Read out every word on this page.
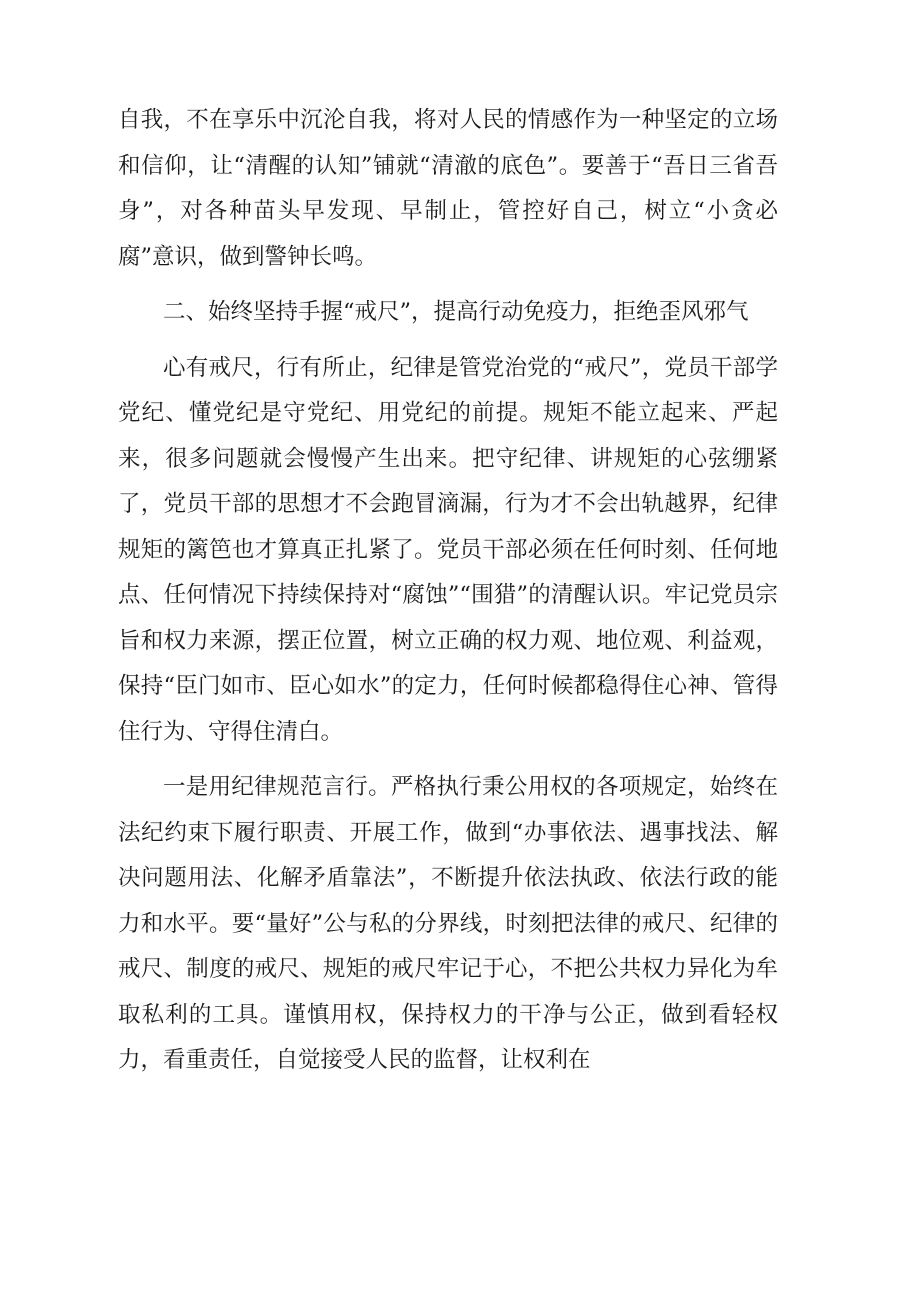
自我，不在享乐中沉沦自我，将对人民的情感作为一种坚定的立场和信仰，让“清醒的认知”铺就“清澈的底色”。要善于“吾日三省吾身”，对各种苗头早发现、早制止，管控好自己，树立“小贪必腐”意识，做到警钟长鸣。

二、始终坚持手握“戒尺”，提高行动免疫力，拒绝歪风邪气

心有戒尺，行有所止，纪律是管党治党的“戒尺”，党员干部学党纪、懂党纪是守党纪、用党纪的前提。规矩不能立起来、严起来，很多问题就会慢慢产生出来。把守纪律、讲规矩的心弦绷紧了，党员干部的思想才不会跑冒滴漏，行为才不会出轨越界，纪律规矩的篱笆也才算真正扎紧了。党员干部必须在任何时刻、任何地点、任何情况下持续保持对“腐蚀”“围猎”的清醒认识。牢记党员宗旨和权力来源，摆正位置，树立正确的权力观、地位观、利益观，保持“臣门如市、臣心如水”的定力，任何时候都稳得住心神、管得住行为、守得住清白。

一是用纪律规范言行。严格执行秉公用权的各项规定，始终在法纪约束下履行职责、开展工作，做到“办事依法、遇事找法、解决问题用法、化解矛盾靠法”，不断提升依法执政、依法行政的能力和水平。要“量好”公与私的分界线，时刻把法律的戒尺、纪律的戒尺、制度的戒尺、规矩的戒尺牢记于心，不把公共权力异化为牟取私利的工具。谨慎用权，保持权力的干净与公正，做到看轻权力，看重责任，自觉接受人民的监督，让权利在
